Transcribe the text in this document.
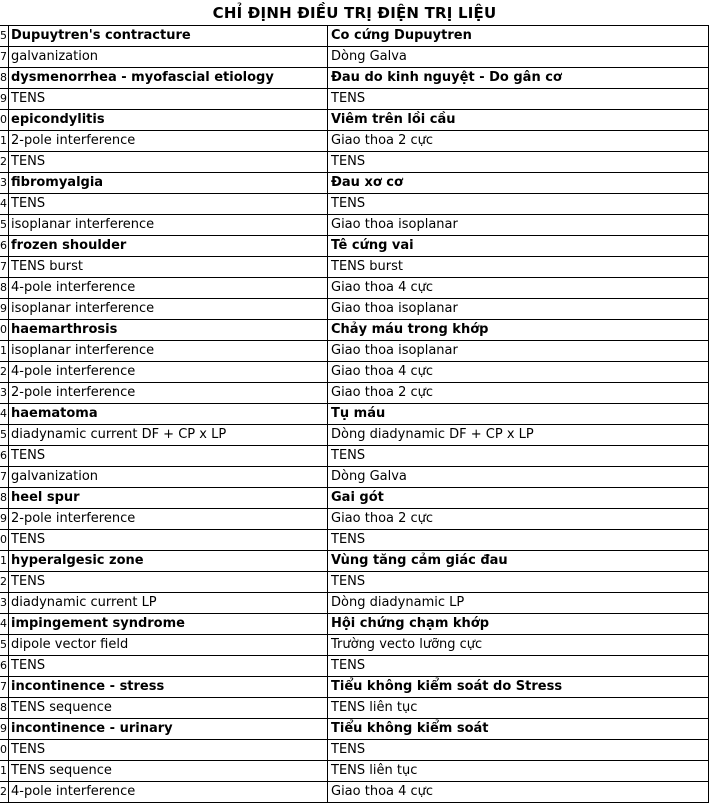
CHỈ ĐỊNH ĐIỀU TRỊ ĐIỆN TRỊ LIỆU
5 Dupuytren's contracture	Co cứng Dupuytren
7 galvanization	Dòng Galva
8 dysmenorrhea - myofascial etiology	Đau do kinh nguyệt - Do gân cơ
9 TENS	TENS
0 epicondylitis	Viêm trên lồi cầu
1 2-pole interference	Giao thoa 2 cực
2 TENS	TENS
3 fibromyalgia	Đau xơ cơ
4 TENS	TENS
5 isoplanar interference	Giao thoa isoplanar
6 frozen shoulder	Tê cứng vai
7 TENS burst	TENS burst
8 4-pole interference	Giao thoa 4 cực
9 isoplanar interference	Giao thoa isoplanar
0 haemarthrosis	Chảy máu trong khớp
1 isoplanar interference	Giao thoa isoplanar
2 4-pole interference	Giao thoa 4 cực
3 2-pole interference	Giao thoa 2 cực
4 haematoma	Tụ máu
5 diadynamic current DF + CP x LP	Dòng diadynamic DF + CP x LP
6 TENS	TENS
7 galvanization	Dòng Galva
8 heel spur	Gai gót
9 2-pole interference	Giao thoa 2 cực
0 TENS	TENS
1 hyperalgesic zone	Vùng tăng cảm giác đau
2 TENS	TENS
3 diadynamic current LP	Dòng diadynamic LP
4 impingement syndrome	Hội chứng chạm khớp
5 dipole vector field	Trường vecto lưỡng cực
6 TENS	TENS
7 incontinence - stress	Tiểu không kiểm soát do Stress
8 TENS sequence	TENS liên tục
9 incontinence - urinary	Tiểu không kiểm soát
0 TENS	TENS
1 TENS sequence	TENS liên tục
2 4-pole interference	Giao thoa 4 cực
